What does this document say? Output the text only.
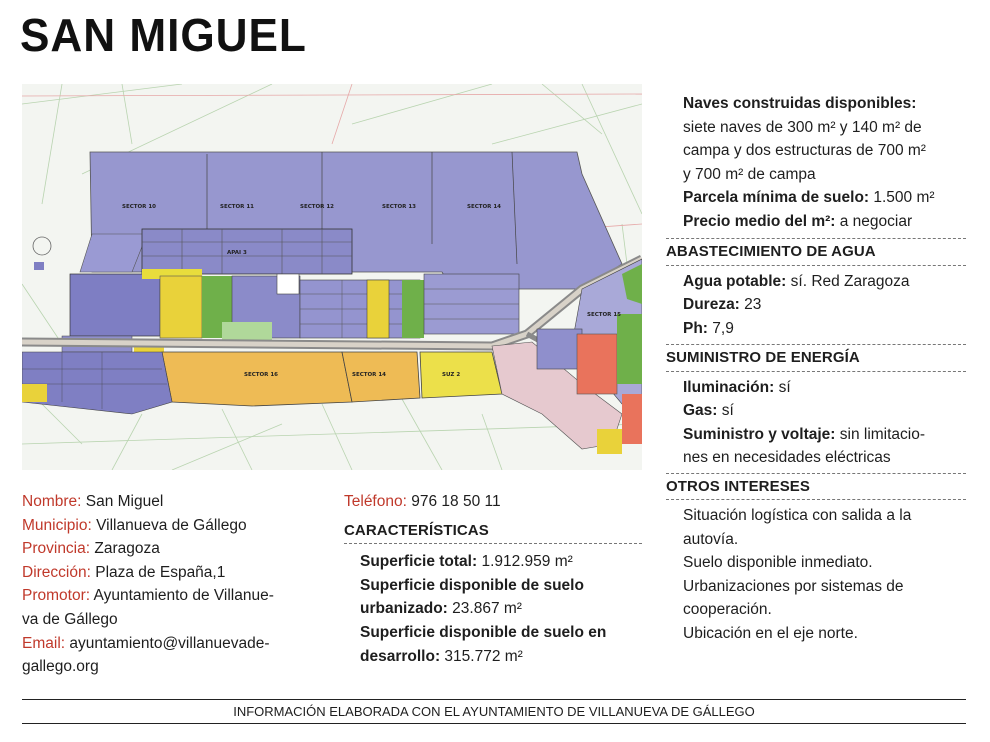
SAN MIGUEL
SECTOR 10	SECTOR 11	SECTOR 12	SECTOR 13	SECTOR 14
APAI 3
SECTOR 15
SECTOR 16	SECTOR 14	SUZ 2
Nombre: San Miguel
Municipio: Villanueva de Gállego
Provincia: Zaragoza
Dirección: Plaza de España,1
Promotor: Ayuntamiento de Villanue-
va de Gállego
Email: ayuntamiento@villanuevade-
gallego.org
Teléfono: 976 18 50 11
CARACTERÍSTICAS
Superficie total: 1.912.959 m²
Superficie disponible de suelo
urbanizado: 23.867 m²
Superficie disponible de suelo en
desarrollo: 315.772 m²
Naves construidas disponibles:
siete naves de 300 m² y 140 m² de
campa y dos estructuras de 700 m²
y 700 m² de campa
Parcela mínima de suelo: 1.500 m²
Precio medio del m²: a negociar
ABASTECIMIENTO DE AGUA
Agua potable: sí. Red Zaragoza
Dureza: 23
Ph: 7,9
SUMINISTRO DE ENERGÍA
Iluminación: sí
Gas: sí
Suministro y voltaje: sin limitacio-
nes en necesidades eléctricas
OTROS INTERESES
Situación logística con salida a la
autovía.
Suelo disponible inmediato.
Urbanizaciones por sistemas de
cooperación.
Ubicación en el eje norte.
INFORMACIÓN ELABORADA CON EL AYUNTAMIENTO DE VILLANUEVA DE GÁLLEGO
